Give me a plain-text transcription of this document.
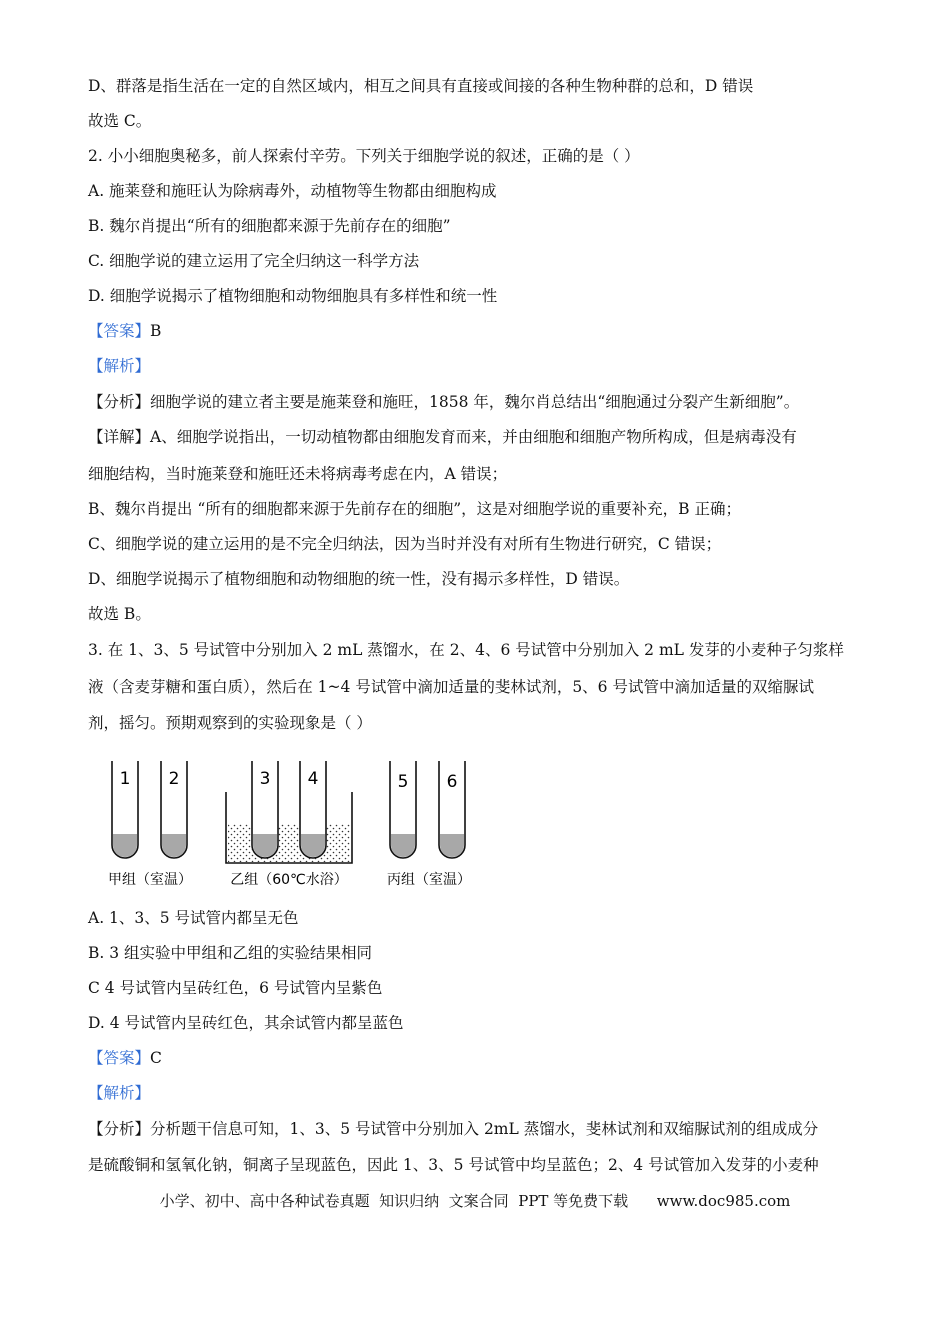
D、群落是指生活在一定的自然区域内，相互之间具有直接或间接的各种生物种群的总和，D 错误
故选 C。
2. 小小细胞奥秘多，前人探索付辛劳。下列关于细胞学说的叙述，正确的是（ ）
A. 施莱登和施旺认为除病毒外，动植物等生物都由细胞构成
B. 魏尔肖提出“所有的细胞都来源于先前存在的细胞”
C. 细胞学说的建立运用了完全归纳这一科学方法
D. 细胞学说揭示了植物细胞和动物细胞具有多样性和统一性
【答案】B
【解析】
【分析】细胞学说的建立者主要是施莱登和施旺，1858 年，魏尔肖总结出“细胞通过分裂产生新细胞”。
【详解】A、细胞学说指出，一切动植物都由细胞发育而来，并由细胞和细胞产物所构成，但是病毒没有
细胞结构，当时施莱登和施旺还未将病毒考虑在内，A 错误；
B、魏尔肖提出 “所有的细胞都来源于先前存在的细胞”，这是对细胞学说的重要补充，B 正确；
C、细胞学说的建立运用的是不完全归纳法，因为当时并没有对所有生物进行研究，C 错误；
D、细胞学说揭示了植物细胞和动物细胞的统一性，没有揭示多样性，D 错误。
故选 B。
3. 在 1、3、5 号试管中分别加入 2 mL 蒸馏水，在 2、4、6 号试管中分别加入 2 mL 发芽的小麦种子匀浆样
液（含麦芽糖和蛋白质），然后在 1~4 号试管中滴加适量的斐林试剂，5、6 号试管中滴加适量的双缩脲试
剂，摇匀。预期观察到的实验现象是（ ）
1 2	3 4	5 6
甲组（室温）	乙组（60℃水浴）	丙组（室温）
A. 1、3、5 号试管内都呈无色
B. 3 组实验中甲组和乙组的实验结果相同
C 4 号试管内呈砖红色，6 号试管内呈紫色
D. 4 号试管内呈砖红色，其余试管内都呈蓝色
【答案】C
【解析】
【分析】分析题干信息可知，1、3、5 号试管中分别加入 2mL 蒸馏水，斐林试剂和双缩脲试剂的组成成分
是硫酸铜和氢氧化钠，铜离子呈现蓝色，因此 1、3、5 号试管中均呈蓝色；2、4 号试管加入发芽的小麦种
小学、初中、高中各种试卷真题  知识归纳  文案合同  PPT 等免费下载      www.doc985.com
